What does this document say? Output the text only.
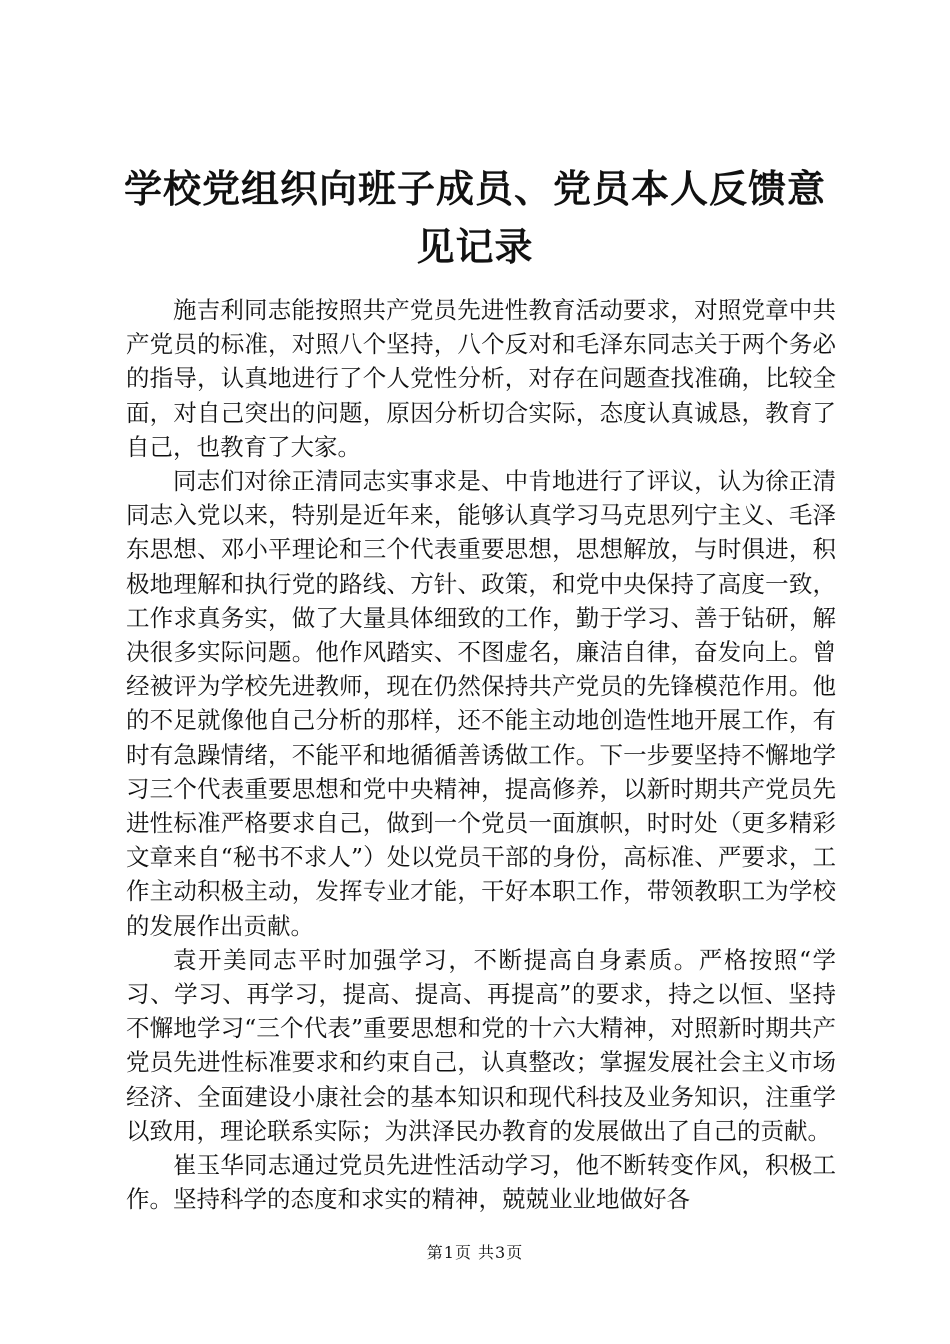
学校党组织向班子成员、党员本人反馈意见记录

施吉利同志能按照共产党员先进性教育活动要求，对照党章中共产党员的标准，对照八个坚持，八个反对和毛泽东同志关于两个务必的指导，认真地进行了个人党性分析，对存在问题查找准确，比较全面，对自己突出的问题，原因分析切合实际，态度认真诚恳，教育了自己，也教育了大家。

同志们对徐正清同志实事求是、中肯地进行了评议，认为徐正清同志入党以来，特别是近年来，能够认真学习马克思列宁主义、毛泽东思想、邓小平理论和三个代表重要思想，思想解放，与时俱进，积极地理解和执行党的路线、方针、政策，和党中央保持了高度一致，工作求真务实，做了大量具体细致的工作，勤于学习、善于钻研，解决很多实际问题。他作风踏实、不图虚名，廉洁自律，奋发向上。曾经被评为学校先进教师，现在仍然保持共产党员的先锋模范作用。他的不足就像他自己分析的那样，还不能主动地创造性地开展工作，有时有急躁情绪，不能平和地循循善诱做工作。下一步要坚持不懈地学习三个代表重要思想和党中央精神，提高修养，以新时期共产党员先进性标准严格要求自己，做到一个党员一面旗帜，时时处（更多精彩文章来自“秘书不求人”）处以党员干部的身份，高标准、严要求，工作主动积极主动，发挥专业才能，干好本职工作，带领教职工为学校的发展作出贡献。

袁开美同志平时加强学习，不断提高自身素质。严格按照“学习、学习、再学习，提高、提高、再提高”的要求，持之以恒、坚持不懈地学习“三个代表”重要思想和党的十六大精神，对照新时期共产党员先进性标准要求和约束自己，认真整改；掌握发展社会主义市场经济、全面建设小康社会的基本知识和现代科技及业务知识，注重学以致用，理论联系实际；为洪泽民办教育的发展做出了自己的贡献。

崔玉华同志通过党员先进性活动学习，他不断转变作风，积极工作。坚持科学的态度和求实的精神，兢兢业业地做好各

第1页 共3页
